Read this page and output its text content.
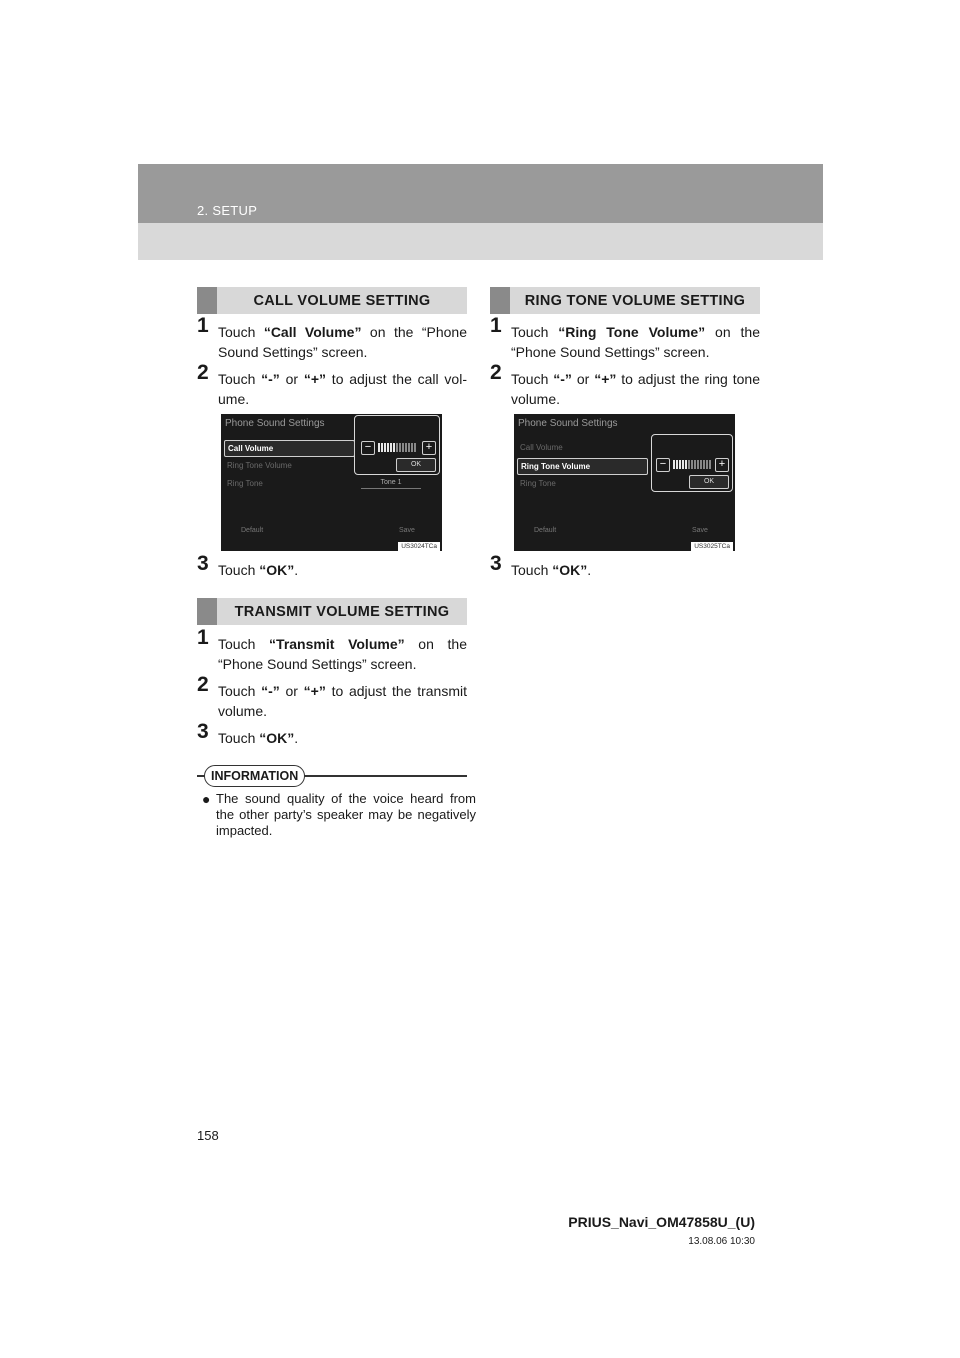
2. SETUP
CALL VOLUME SETTING
1 Touch “Call Volume” on the “Phone Sound Settings” screen.
2 Touch “-” or “+” to adjust the call vol-ume.
Phone Sound Settings
Call Volume
Ring Tone Volume
Ring Tone
−	+
OK
Tone 1
Default	Save
US3024TCa
3 Touch “OK”.
TRANSMIT VOLUME SETTING
1 Touch “Transmit Volume” on the “Phone Sound Settings” screen.
2 Touch “-” or “+” to adjust the transmit volume.
3 Touch “OK”.
INFORMATION
● The sound quality of the voice heard from the other party’s speaker may be negatively impacted.
RING TONE VOLUME SETTING
1 Touch “Ring Tone Volume” on the “Phone Sound Settings” screen.
2 Touch “-” or “+” to adjust the ring tone volume.
Phone Sound Settings
Call Volume
Ring Tone Volume
Ring Tone
−	+
OK
Default	Save
US3025TCa
3 Touch “OK”.
158
PRIUS_Navi_OM47858U_(U)
13.08.06 10:30
